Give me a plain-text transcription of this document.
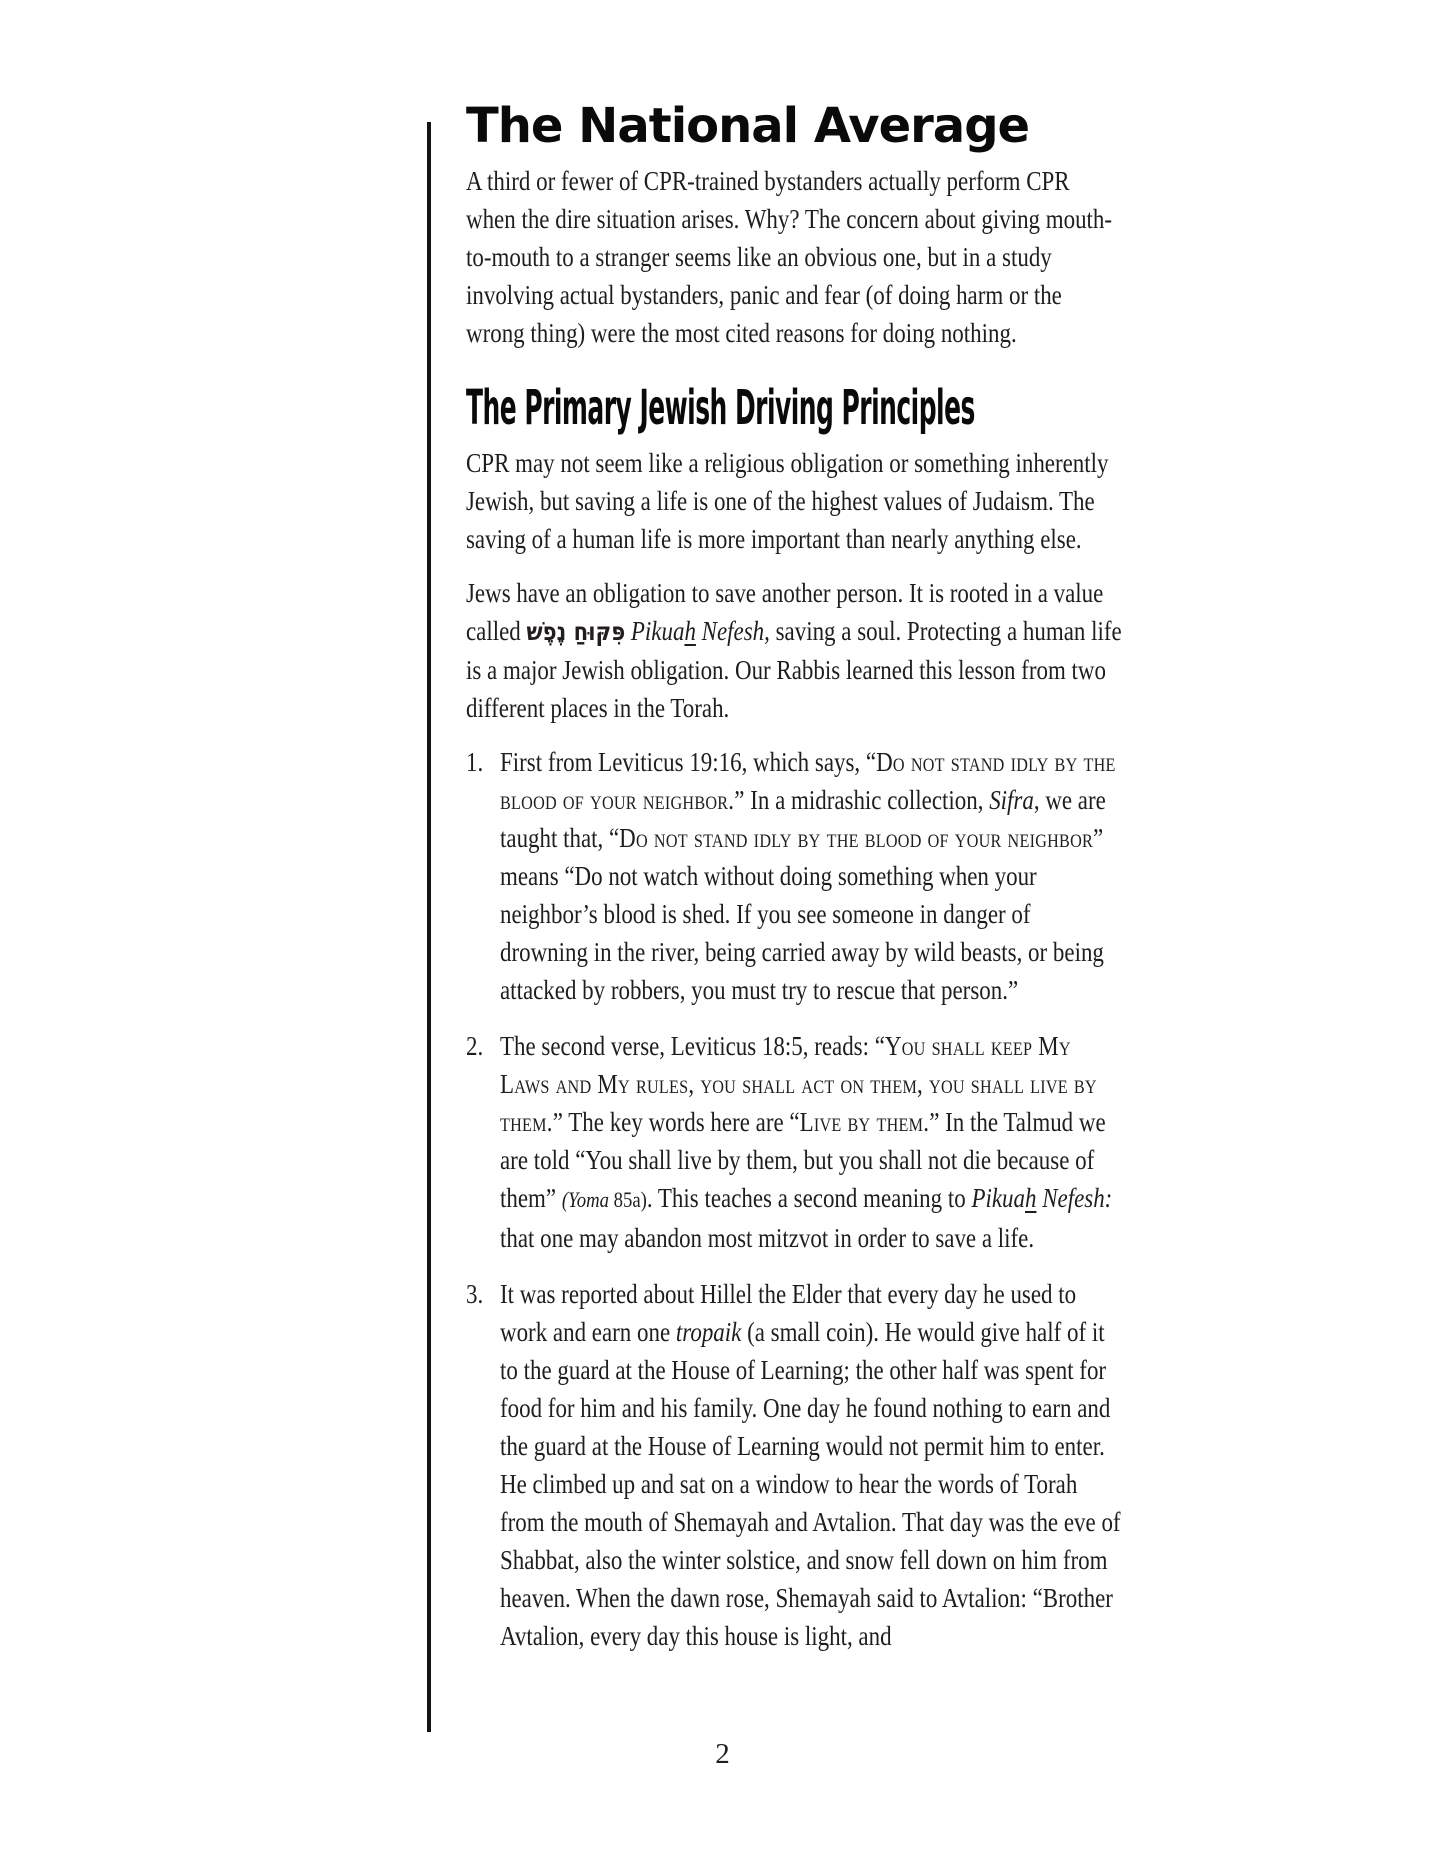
The National Average

A third or fewer of CPR-trained bystanders actually perform CPR when the dire situation arises. Why? The concern about giving mouth-to-mouth to a stranger seems like an obvious one, but in a study involving actual bystanders, panic and fear (of doing harm or the wrong thing) were the most cited reasons for doing nothing.

The Primary Jewish Driving Principles

CPR may not seem like a religious obligation or something inherently Jewish, but saving a life is one of the highest values of Judaism. The saving of a human life is more important than nearly anything else.

Jews have an obligation to save another person. It is rooted in a value called פִּקּוּחַ נֶפֶשׁ Pikuah Nefesh, saving a soul. Protecting a human life is a major Jewish obligation. Our Rabbis learned this lesson from two different places in the Torah.

1. First from Leviticus 19:16, which says, “Do not stand idly by the blood of your neighbor.” In a midrashic collection, Sifra, we are taught that, “Do not stand idly by the blood of your neighbor” means “Do not watch without doing something when your neighbor’s blood is shed. If you see someone in danger of drowning in the river, being carried away by wild beasts, or being attacked by robbers, you must try to rescue that person.”
2. The second verse, Leviticus 18:5, reads: “You shall keep My Laws and My rules, you shall act on them, you shall live by them.” The key words here are “Live by them.” In the Talmud we are told “You shall live by them, but you shall not die because of them” (Yoma 85a). This teaches a second meaning to Pikuah Nefesh: that one may abandon most mitzvot in order to save a life.
3. It was reported about Hillel the Elder that every day he used to work and earn one tropaik (a small coin). He would give half of it to the guard at the House of Learning; the other half was spent for food for him and his family. One day he found nothing to earn and the guard at the House of Learning would not permit him to enter. He climbed up and sat on a window to hear the words of Torah from the mouth of Shemayah and Avtalion. That day was the eve of Shabbat, also the winter solstice, and snow fell down on him from heaven. When the dawn rose, Shemayah said to Avtalion: “Brother Avtalion, every day this house is light, and
2
